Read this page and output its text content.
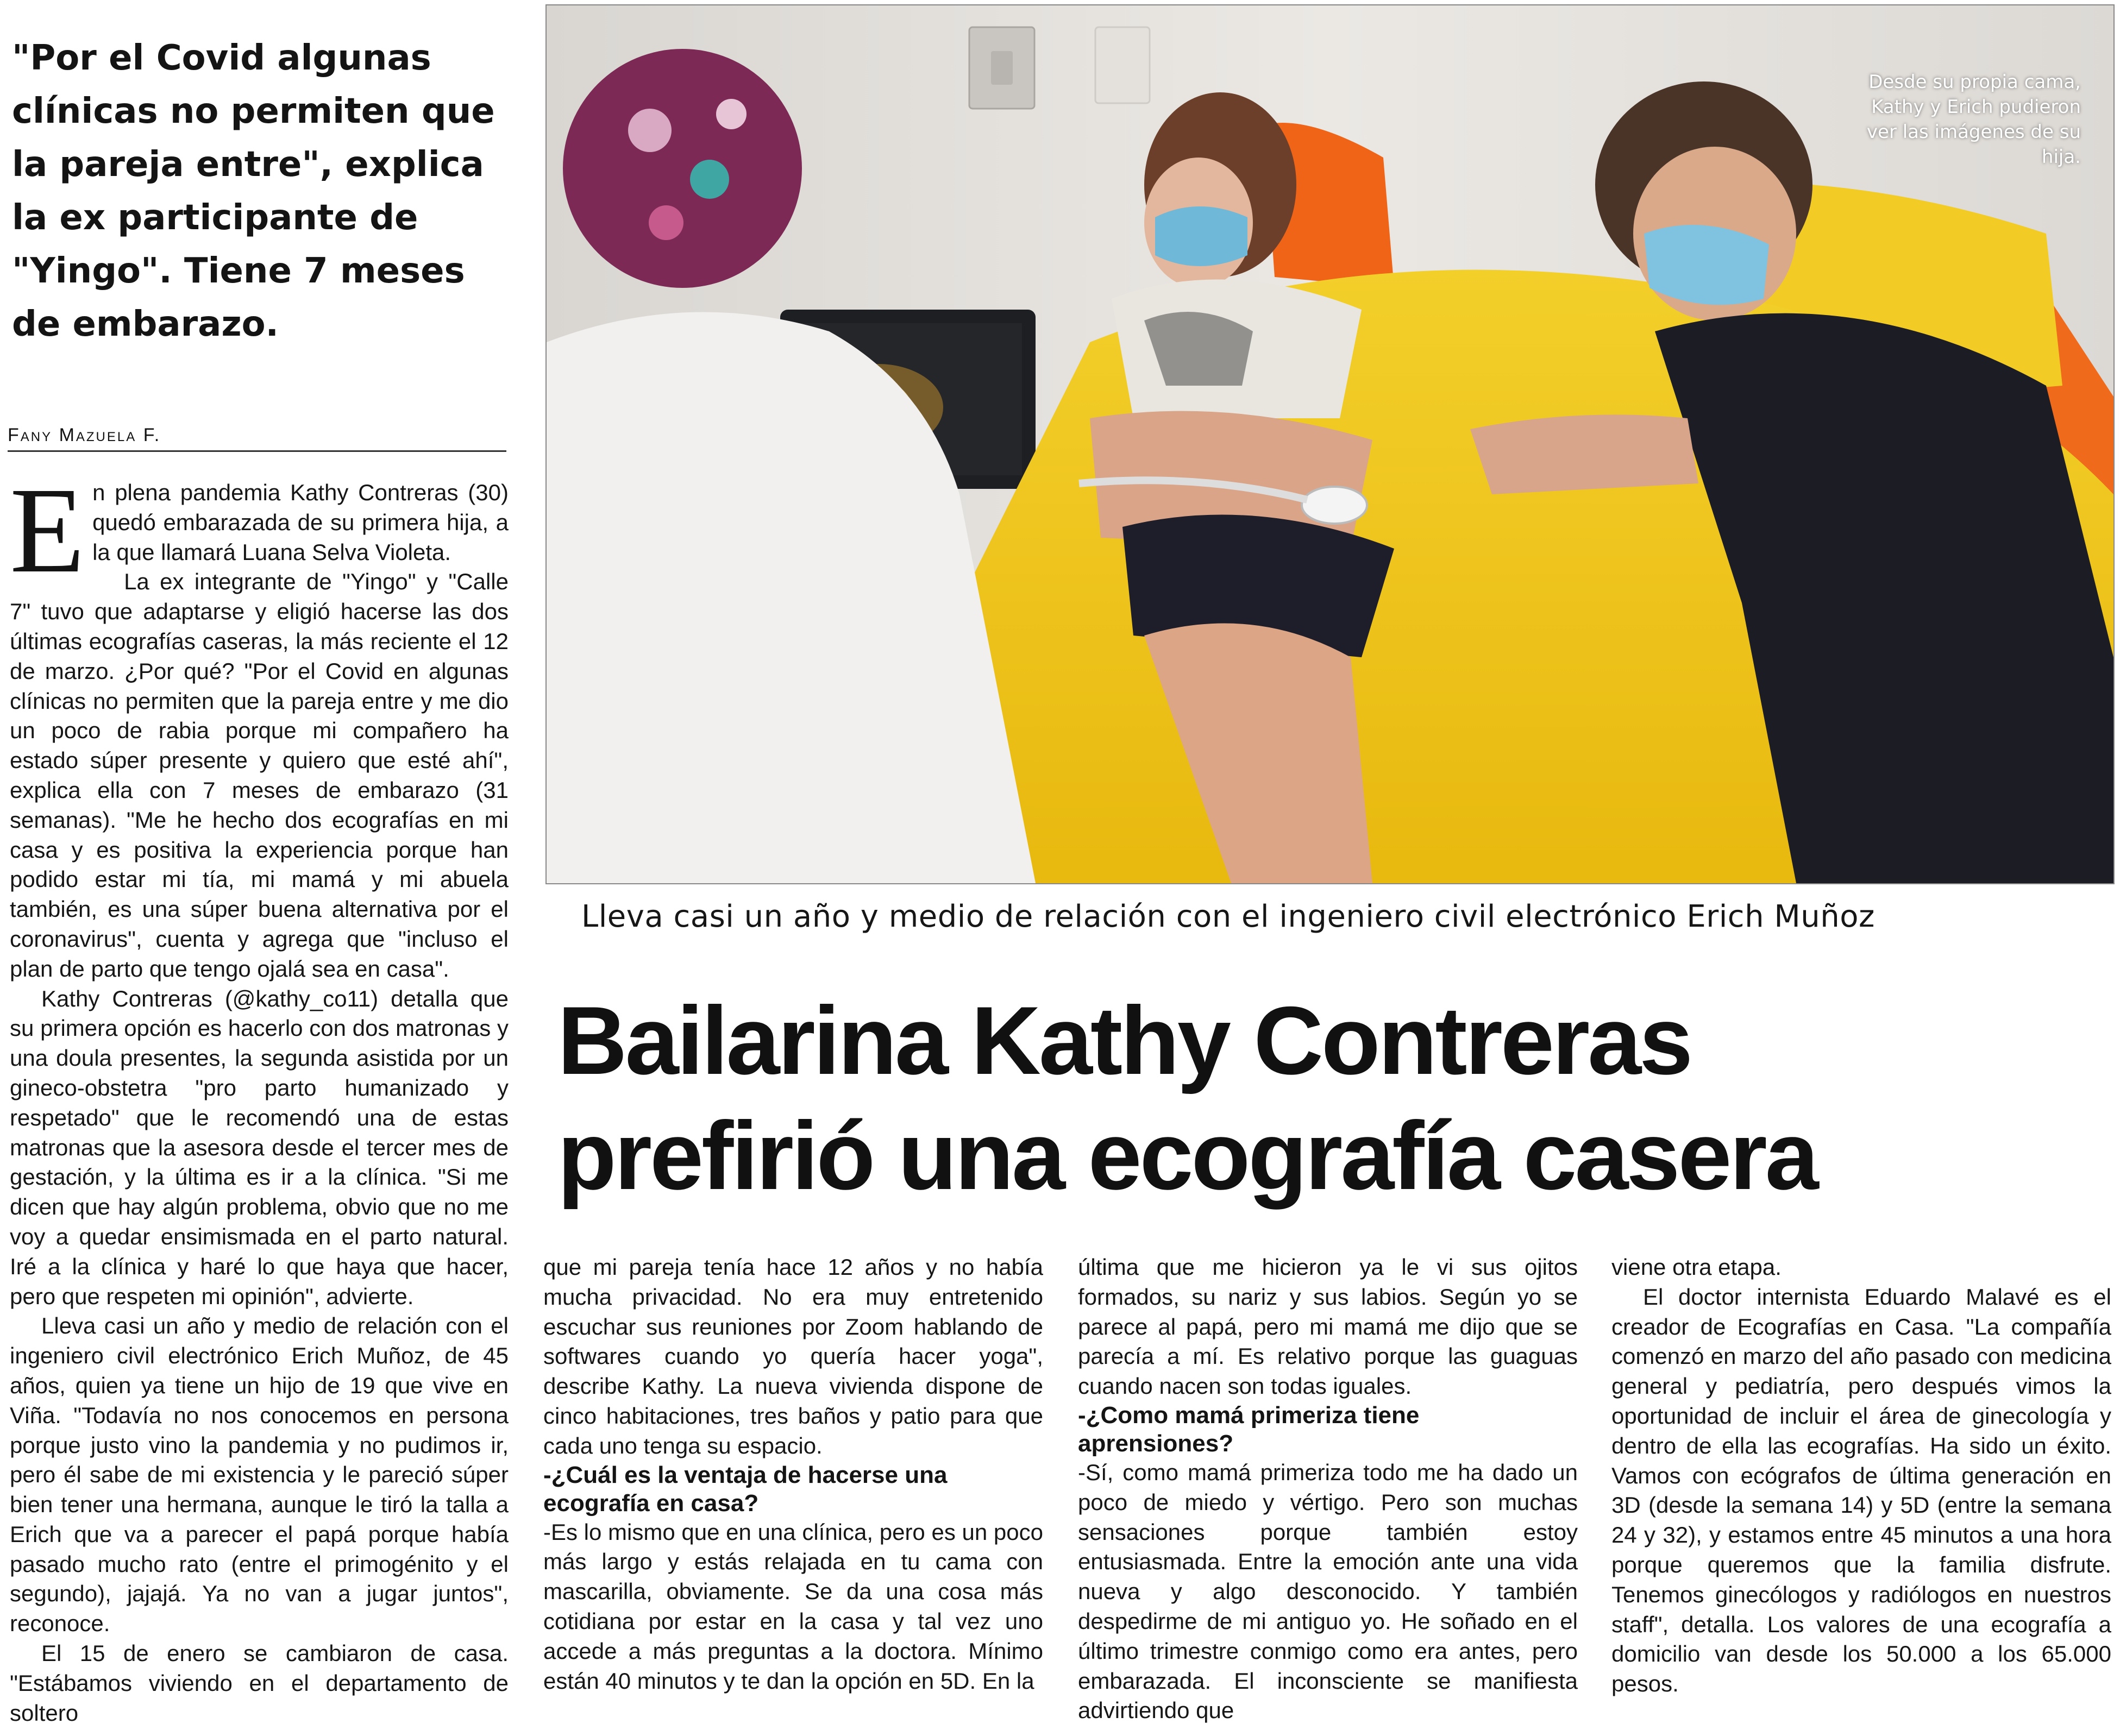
"Por el Covid algunas clínicas no permiten que la pareja entre", explica la ex participante de "Yingo". Tiene 7 meses de embarazo.

Fany Mazuela F.

En plena pandemia Kathy Contreras (30) quedó embarazada de su primera hija, a la que llamará Luana Selva Violeta.

La ex integrante de "Yingo" y "Calle 7" tuvo que adaptarse y eligió hacerse las dos últimas ecografías caseras, la más reciente el 12 de marzo. ¿Por qué? "Por el Covid en algunas clínicas no permiten que la pareja entre y me dio un poco de rabia porque mi compañero ha estado súper presente y quiero que esté ahí", explica ella con 7 meses de embarazo (31 semanas). "Me he hecho dos ecografías en mi casa y es positiva la experiencia porque han podido estar mi tía, mi mamá y mi abuela también, es una súper buena alternativa por el coronavirus", cuenta y agrega que "incluso el plan de parto que tengo ojalá sea en casa".

Kathy Contreras (@kathy_co11) detalla que su primera opción es hacerlo con dos matronas y una doula presentes, la segunda asistida por un gineco-obstetra "pro parto humanizado y respetado" que le recomendó una de estas matronas que la asesora desde el tercer mes de gestación, y la última es ir a la clínica. "Si me dicen que hay algún problema, obvio que no me voy a quedar ensimismada en el parto natural. Iré a la clínica y haré lo que haya que hacer, pero que respeten mi opinión", advierte.

Lleva casi un año y medio de relación con el ingeniero civil electrónico Erich Muñoz, de 45 años, quien ya tiene un hijo de 19 que vive en Viña. "Todavía no nos conocemos en persona porque justo vino la pandemia y no pudimos ir, pero él sabe de mi existencia y le pareció súper bien tener una hermana, aunque le tiró la talla a Erich que va a parecer el papá porque había pasado mucho rato (entre el primogénito y el segundo), jajajá. Ya no van a jugar juntos", reconoce.

El 15 de enero se cambiaron de casa. "Estábamos viviendo en el departamento de soltero

Desde su propia cama, Kathy y Erich pudieron ver las imágenes de su hija.
Lleva casi un año y medio de relación con el ingeniero civil electrónico Erich Muñoz
Bailarina Kathy Contreras
prefirió una ecografía casera

que mi pareja tenía hace 12 años y no había mucha privacidad. No era muy entretenido escuchar sus reuniones por Zoom hablando de softwares cuando yo quería hacer yoga", describe Kathy. La nueva vivienda dispone de cinco habitaciones, tres baños y patio para que cada uno tenga su espacio.

-¿Cuál es la ventaja de hacerse una ecografía en casa?

-Es lo mismo que en una clínica, pero es un poco más largo y estás relajada en tu cama con mascarilla, obviamente. Se da una cosa más cotidiana por estar en la casa y tal vez uno accede a más preguntas a la doctora. Mínimo están 40 minutos y te dan la opción en 5D. En la

última que me hicieron ya le vi sus ojitos formados, su nariz y sus labios. Según yo se parece al papá, pero mi mamá me dijo que se parecía a mí. Es relativo porque las guaguas cuando nacen son todas iguales.

-¿Como mamá primeriza tiene aprensiones?

-Sí, como mamá primeriza todo me ha dado un poco de miedo y vértigo. Pero son muchas sensaciones porque también estoy entusiasmada. Entre la emoción ante una vida nueva y algo desconocido. Y también despedirme de mi antiguo yo. He soñado en el último trimestre conmigo como era antes, pero embarazada. El inconsciente se manifiesta advirtiendo que

viene otra etapa.

El doctor internista Eduardo Malavé es el creador de Ecografías en Casa. "La compañía comenzó en marzo del año pasado con medicina general y pediatría, pero después vimos la oportunidad de incluir el área de ginecología y dentro de ella las ecografías. Ha sido un éxito. Vamos con ecógrafos de última generación en 3D (desde la semana 14) y 5D (entre la semana 24 y 32), y estamos entre 45 minutos a una hora porque queremos que la familia disfrute. Tenemos ginecólogos y radiólogos en nuestros staff", detalla. Los valores de una ecografía a domicilio van desde los 50.000 a los 65.000 pesos.
